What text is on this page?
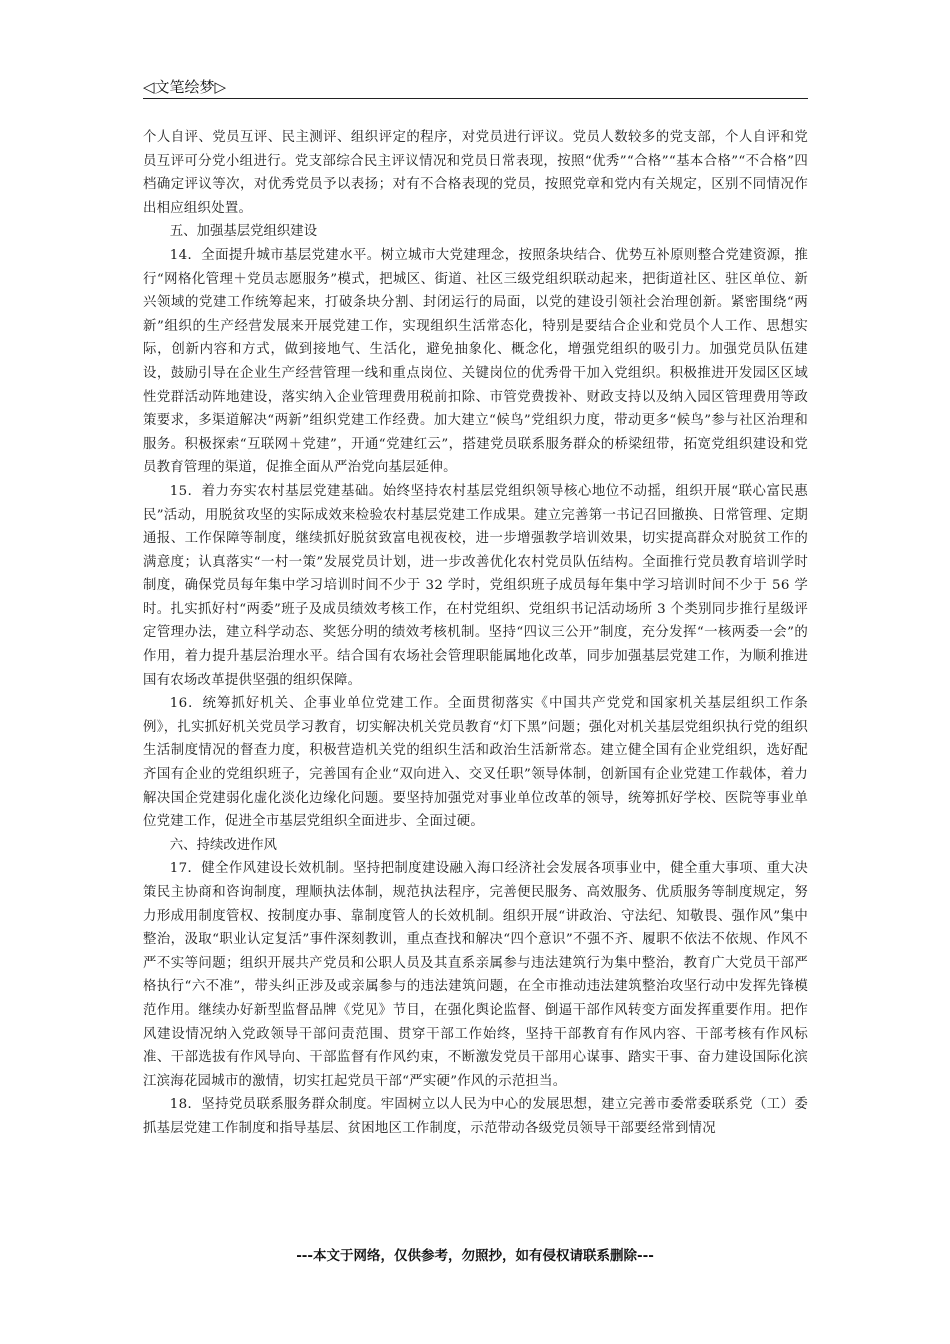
◁文笔绘梦▷

个人自评、党员互评、民主测评、组织评定的程序，对党员进行评议。党员人数较多的党支部，个人自评和党员互评可分党小组进行。党支部综合民主评议情况和党员日常表现，按照“优秀”“合格”“基本合格”“不合格”四档确定评议等次，对优秀党员予以表扬；对有不合格表现的党员，按照党章和党内有关规定，区别不同情况作出相应组织处置。

五、加强基层党组织建设

14．全面提升城市基层党建水平。树立城市大党建理念，按照条块结合、优势互补原则整合党建资源，推行“网格化管理＋党员志愿服务”模式，把城区、街道、社区三级党组织联动起来，把街道社区、驻区单位、新兴领域的党建工作统筹起来，打破条块分割、封闭运行的局面，以党的建设引领社会治理创新。紧密围绕“两新”组织的生产经营发展来开展党建工作，实现组织生活常态化，特别是要结合企业和党员个人工作、思想实际，创新内容和方式，做到接地气、生活化，避免抽象化、概念化，增强党组织的吸引力。加强党员队伍建设，鼓励引导在企业生产经营管理一线和重点岗位、关键岗位的优秀骨干加入党组织。积极推进开发园区区域性党群活动阵地建设，落实纳入企业管理费用税前扣除、市管党费拨补、财政支持以及纳入园区管理费用等政策要求，多渠道解决“两新”组织党建工作经费。加大建立“候鸟”党组织力度，带动更多“候鸟”参与社区治理和服务。积极探索“互联网＋党建”，开通“党建红云”，搭建党员联系服务群众的桥梁纽带，拓宽党组织建设和党员教育管理的渠道，促推全面从严治党向基层延伸。

15．着力夯实农村基层党建基础。始终坚持农村基层党组织领导核心地位不动摇，组织开展“联心富民惠民”活动，用脱贫攻坚的实际成效来检验农村基层党建工作成果。建立完善第一书记召回撤换、日常管理、定期通报、工作保障等制度，继续抓好脱贫致富电视夜校，进一步增强教学培训效果，切实提高群众对脱贫工作的满意度；认真落实“一村一策”发展党员计划，进一步改善优化农村党员队伍结构。全面推行党员教育培训学时制度，确保党员每年集中学习培训时间不少于 32 学时，党组织班子成员每年集中学习培训时间不少于 56 学时。扎实抓好村“两委”班子及成员绩效考核工作，在村党组织、党组织书记活动场所 3 个类别同步推行星级评定管理办法，建立科学动态、奖惩分明的绩效考核机制。坚持“四议三公开”制度，充分发挥“一核两委一会”的作用，着力提升基层治理水平。结合国有农场社会管理职能属地化改革，同步加强基层党建工作，为顺利推进国有农场改革提供坚强的组织保障。

16．统筹抓好机关、企事业单位党建工作。全面贯彻落实《中国共产党党和国家机关基层组织工作条例》，扎实抓好机关党员学习教育，切实解决机关党员教育“灯下黑”问题；强化对机关基层党组织执行党的组织生活制度情况的督查力度，积极营造机关党的组织生活和政治生活新常态。建立健全国有企业党组织，选好配齐国有企业的党组织班子，完善国有企业“双向进入、交叉任职”领导体制，创新国有企业党建工作载体，着力解决国企党建弱化虚化淡化边缘化问题。要坚持加强党对事业单位改革的领导，统筹抓好学校、医院等事业单位党建工作，促进全市基层党组织全面进步、全面过硬。

六、持续改进作风

17．健全作风建设长效机制。坚持把制度建设融入海口经济社会发展各项事业中，健全重大事项、重大决策民主协商和咨询制度，理顺执法体制，规范执法程序，完善便民服务、高效服务、优质服务等制度规定，努力形成用制度管权、按制度办事、靠制度管人的长效机制。组织开展“讲政治、守法纪、知敬畏、强作风”集中整治，汲取“职业认定复活”事件深刻教训，重点查找和解决“四个意识”不强不齐、履职不依法不依规、作风不严不实等问题；组织开展共产党员和公职人员及其直系亲属参与违法建筑行为集中整治，教育广大党员干部严格执行“六不准”，带头纠正涉及或亲属参与的违法建筑问题，在全市推动违法建筑整治攻坚行动中发挥先锋模范作用。继续办好新型监督品牌《党见》节目，在强化舆论监督、倒逼干部作风转变方面发挥重要作用。把作风建设情况纳入党政领导干部问责范围、贯穿干部工作始终，坚持干部教育有作风内容、干部考核有作风标准、干部选拔有作风导向、干部监督有作风约束，不断激发党员干部用心谋事、踏实干事、奋力建设国际化滨江滨海花园城市的激情，切实扛起党员干部“严实硬”作风的示范担当。

18．坚持党员联系服务群众制度。牢固树立以人民为中心的发展思想，建立完善市委常委联系党（工）委抓基层党建工作制度和指导基层、贫困地区工作制度，示范带动各级党员领导干部要经常到情况

---本文于网络，仅供参考，勿照抄，如有侵权请联系删除---
